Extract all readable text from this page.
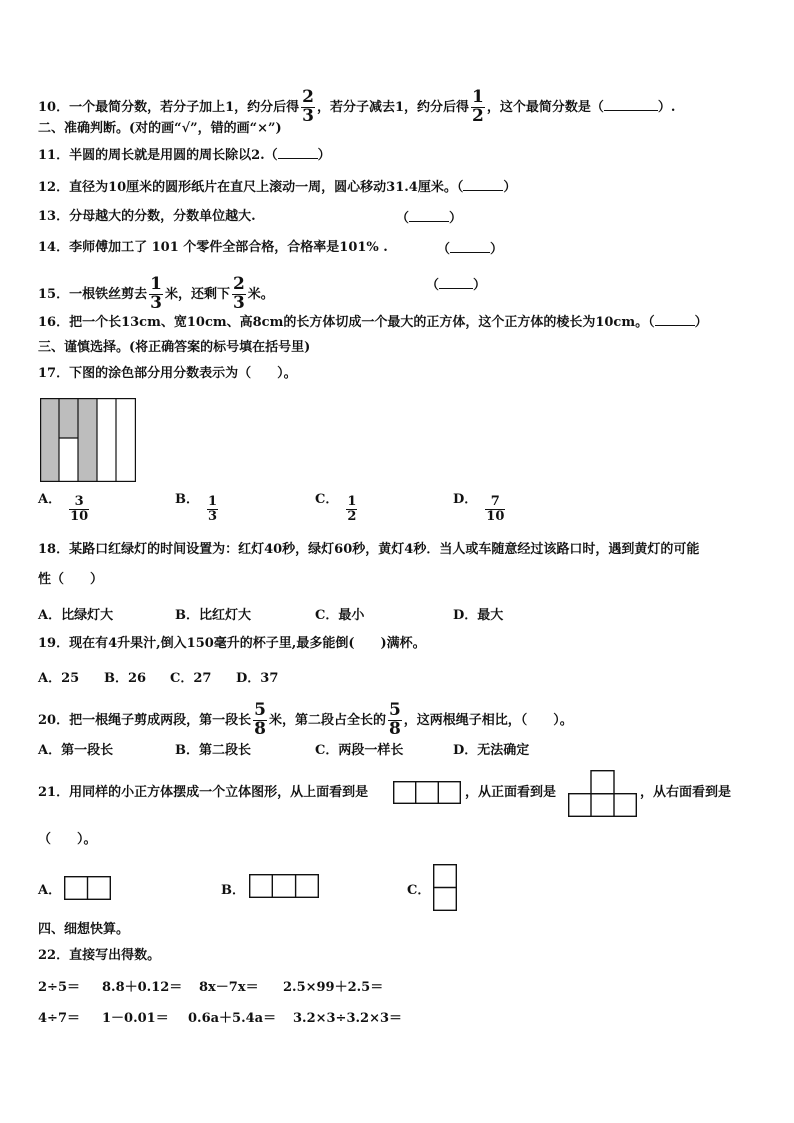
10．一个最简分数，若分子加上1，约分后得 $\frac{2}{3}$ ，若分子减去1，约分后得 $\frac{1}{2}$ ，这个最简分数是（	）.
二、准确判断。(对的画“√”，错的画“×”)
11．半圆的周长就是用圆的周长除以2.（	）
12．直径为10厘米的圆形纸片在直尺上滚动一周，圆心移动31.4厘米。（	）
13．分母越大的分数，分数单位越大.	（	）
14．李师傅加工了 101 个零件全部合格，合格率是101% .	（	）
15．一根铁丝剪去 $\frac{1}{3}$ 米，还剩下 $\frac{2}{3}$ 米。
（	）
16．把一个长13cm、宽10cm、高8cm的长方体切成一个最大的正方体，这个正方体的棱长为10cm。（	）
三、谨慎选择。(将正确答案的标号填在括号里)
17．下图的涂色部分用分数表示为（　　）。
A． $\frac{3}{10}$	B． $\frac{1}{3}$	C． $\frac{1}{2}$	D． $\frac{7}{10}$
18．某路口红绿灯的时间设置为：红灯40秒，绿灯60秒，黄灯4秒．当人或车随意经过该路口时，遇到黄灯的可能
性（　　）
A．比绿灯大	B．比红灯大	C．最小	D．最大
19．现在有4升果汁,倒入150毫升的杯子里,最多能倒(　　)满杯。
A．25 B．26 C．27 D．37
20．把一根绳子剪成两段，第一段长 $\frac{5}{8}$ 米，第二段占全长的 $\frac{5}{8}$ ，这两根绳子相比，（　　）。
A．第一段长	B．第二段长	C．两段一样长	D．无法确定
21．用同样的小正方体摆成一个立体图形，从上面看到是	，从正面看到是	，从右面看到是
（　　）。
A．	B．	C．
四、细想快算。
22．直接写出得数。
2÷5＝ 8.8＋0.12＝ 8x－7x＝ 2.5×99＋2.5＝
4÷7＝ 1－0.01＝ 0.6a＋5.4a＝ 3.2×3÷3.2×3＝
